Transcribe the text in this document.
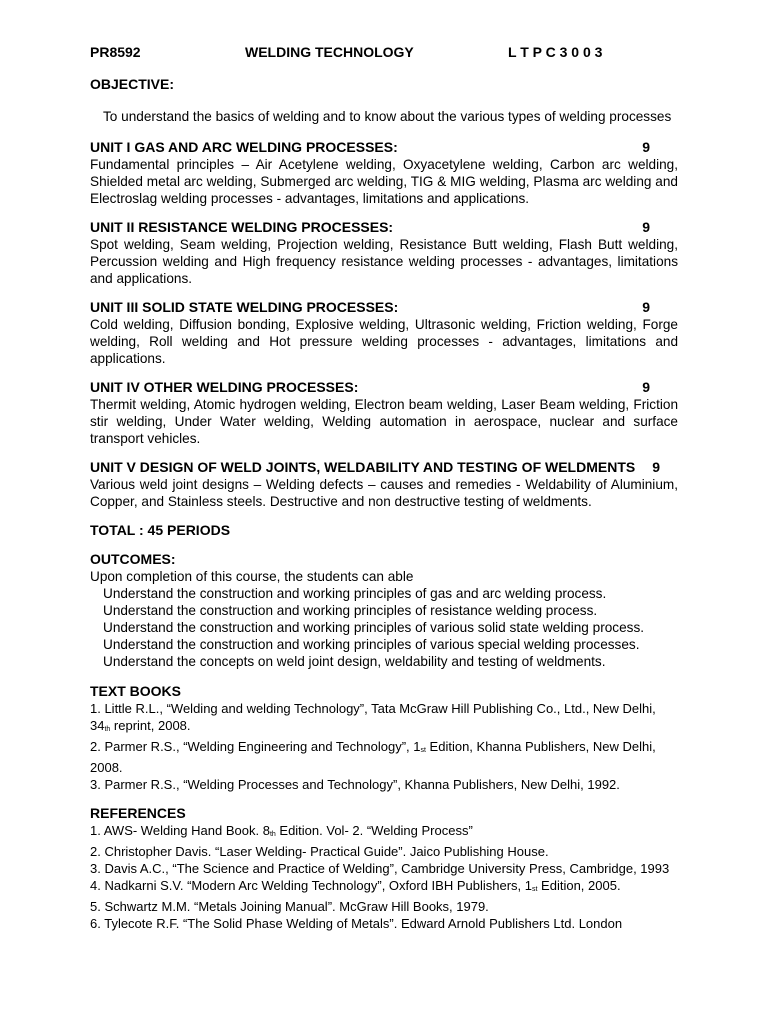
PR8592	WELDING TECHNOLOGY	L T P C 3 0 0 3
OBJECTIVE:
To understand the basics of welding and to know about the various types of welding processes
UNIT I GAS AND ARC WELDING PROCESSES:	9
Fundamental principles – Air Acetylene welding, Oxyacetylene welding, Carbon arc welding, Shielded metal arc welding, Submerged arc welding, TIG & MIG welding, Plasma arc welding and Electroslag welding processes - advantages, limitations and applications.
UNIT II RESISTANCE WELDING PROCESSES:	9
Spot welding, Seam welding, Projection welding, Resistance Butt welding, Flash Butt welding, Percussion welding and High frequency resistance welding processes - advantages, limitations and applications.
UNIT III SOLID STATE WELDING PROCESSES:	9
Cold welding, Diffusion bonding, Explosive welding, Ultrasonic welding, Friction welding, Forge welding, Roll welding and Hot pressure welding processes - advantages, limitations and applications.
UNIT IV OTHER WELDING PROCESSES:	9
Thermit welding, Atomic hydrogen welding, Electron beam welding, Laser Beam welding, Friction stir welding, Under Water welding, Welding automation in aerospace, nuclear and surface transport vehicles.
UNIT V DESIGN OF WELD JOINTS, WELDABILITY AND TESTING OF WELDMENTS 9
Various weld joint designs – Welding defects – causes and remedies - Weldability of Aluminium, Copper, and Stainless steels. Destructive and non destructive testing of weldments.
TOTAL : 45 PERIODS
OUTCOMES:
Upon completion of this course, the students can able
Understand the construction and working principles of gas and arc welding process.
Understand the construction and working principles of resistance welding process.
Understand the construction and working principles of various solid state welding process.
Understand the construction and working principles of various special welding processes.
Understand the concepts on weld joint design, weldability and testing of weldments.
TEXT BOOKS
1. Little R.L., “Welding and welding Technology”, Tata McGraw Hill Publishing Co., Ltd., New Delhi, $34_{th}$ reprint, 2008.
2. Parmer R.S., “Welding Engineering and Technology”, $1_{st}$ Edition, Khanna Publishers, New Delhi, 2008.
3. Parmer R.S., “Welding Processes and Technology”, Khanna Publishers, New Delhi, 1992.
REFERENCES
1. AWS- Welding Hand Book. $8_{th}$ Edition. Vol- 2. “Welding Process”
2. Christopher Davis. “Laser Welding- Practical Guide”. Jaico Publishing House.
3. Davis A.C., “The Science and Practice of Welding”, Cambridge University Press, Cambridge, 1993
4. Nadkarni S.V. “Modern Arc Welding Technology”, Oxford IBH Publishers, $1_{st}$ Edition, 2005.
5. Schwartz M.M. “Metals Joining Manual”. McGraw Hill Books, 1979.
6. Tylecote R.F. “The Solid Phase Welding of Metals”. Edward Arnold Publishers Ltd. London
